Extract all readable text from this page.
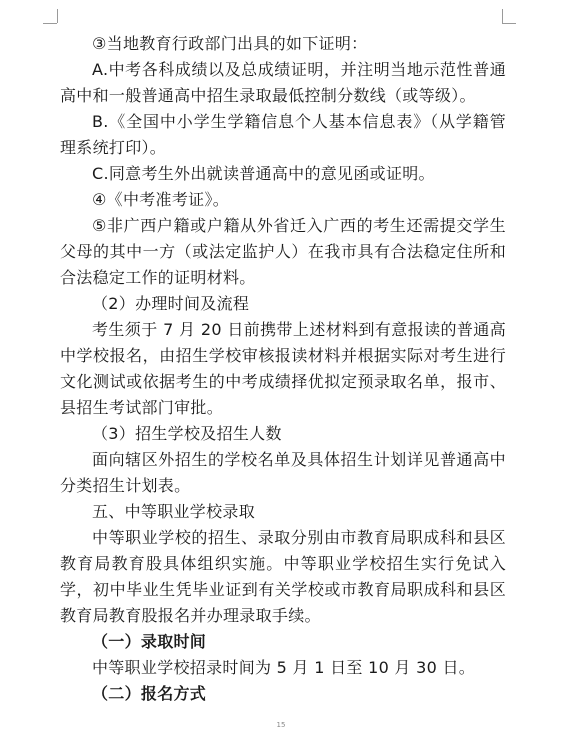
③当地教育行政部门出具的如下证明：

A.中考各科成绩以及总成绩证明，并注明当地示范性普通高中和一般普通高中招生录取最低控制分数线（或等级）。

B.《全国中小学生学籍信息个人基本信息表》（从学籍管理系统打印）。

C.同意考生外出就读普通高中的意见函或证明。

④《中考准考证》。

⑤非广西户籍或户籍从外省迁入广西的考生还需提交学生父母的其中一方（或法定监护人）在我市具有合法稳定住所和合法稳定工作的证明材料。

（2）办理时间及流程

考生须于 7 月 20 日前携带上述材料到有意报读的普通高中学校报名，由招生学校审核报读材料并根据实际对考生进行文化测试或依据考生的中考成绩择优拟定预录取名单，报市、县招生考试部门审批。

（3）招生学校及招生人数

面向辖区外招生的学校名单及具体招生计划详见普通高中分类招生计划表。

五、中等职业学校录取

中等职业学校的招生、录取分别由市教育局职成科和县区教育局教育股具体组织实施。中等职业学校招生实行免试入学，初中毕业生凭毕业证到有关学校或市教育局职成科和县区教育局教育股报名并办理录取手续。

（一）录取时间

中等职业学校招录时间为 5 月 1 日至 10 月 30 日。

（二）报名方式

15
